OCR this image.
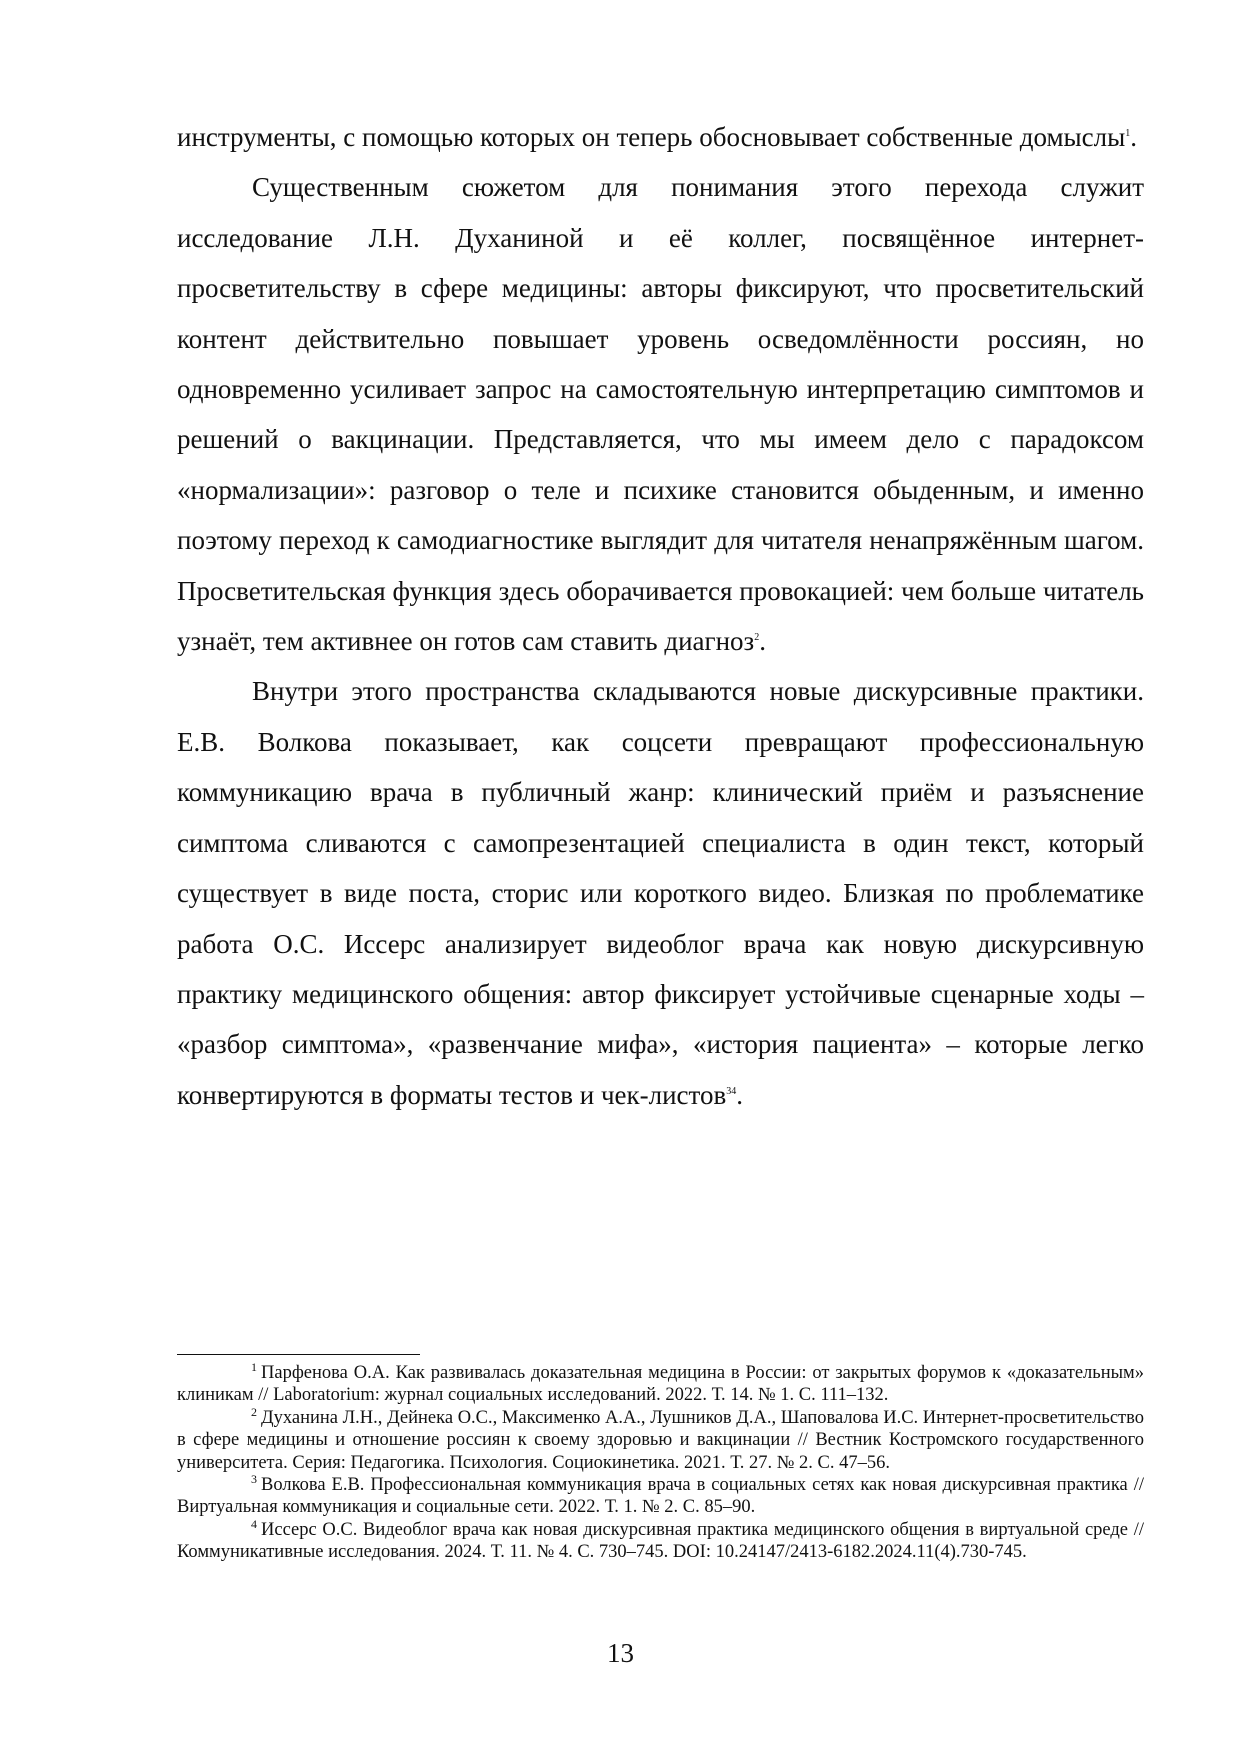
инструменты, с помощью которых он теперь обосновывает собственные домыслы$^1$.

Существенным сюжетом для понимания этого перехода служит исследование Л.Н. Духаниной и её коллег, посвящённое интернет-просветительству в сфере медицины: авторы фиксируют, что просветительский контент действительно повышает уровень осведомлённости россиян, но одновременно усиливает запрос на самостоятельную интерпретацию симптомов и решений о вакцинации. Представляется, что мы имеем дело с парадоксом «нормализации»: разговор о теле и психике становится обыденным, и именно поэтому переход к самодиагностике выглядит для читателя ненапряжённым шагом. Просветительская функция здесь оборачивается провокацией: чем больше читатель узнаёт, тем активнее он готов сам ставить диагноз$^2$.

Внутри этого пространства складываются новые дискурсивные практики. Е.В. Волкова показывает, как соцсети превращают профессиональную коммуникацию врача в публичный жанр: клинический приём и разъяснение симптома сливаются с самопрезентацией специалиста в один текст, который существует в виде поста, сторис или короткого видео. Близкая по проблематике работа О.С. Иссерс анализирует видеоблог врача как новую дискурсивную практику медицинского общения: автор фиксирует устойчивые сценарные ходы – «разбор симптома», «развенчание мифа», «история пациента» – которые легко конвертируются в форматы тестов и чек-листов$^{34}$.

$^1$ Парфенова О.А. Как развивалась доказательная медицина в России: от закрытых форумов к «доказательным» клиникам // Laboratorium: журнал социальных исследований. 2022. Т. 14. № 1. С. 111–132.

$^2$ Духанина Л.Н., Дейнека О.С., Максименко А.А., Лушников Д.А., Шаповалова И.С. Интернет-просветительство в сфере медицины и отношение россиян к своему здоровью и вакцинации // Вестник Костромского государственного университета. Серия: Педагогика. Психология. Социокинетика. 2021. Т. 27. № 2. С. 47–56.

$^3$ Волкова Е.В. Профессиональная коммуникация врача в социальных сетях как новая дискурсивная практика // Виртуальная коммуникация и социальные сети. 2022. Т. 1. № 2. С. 85–90.

$^4$ Иссерс О.С. Видеоблог врача как новая дискурсивная практика медицинского общения в виртуальной среде // Коммуникативные исследования. 2024. Т. 11. № 4. С. 730–745. DOI: 10.24147/2413-6182.2024.11(4).730-745.

13
